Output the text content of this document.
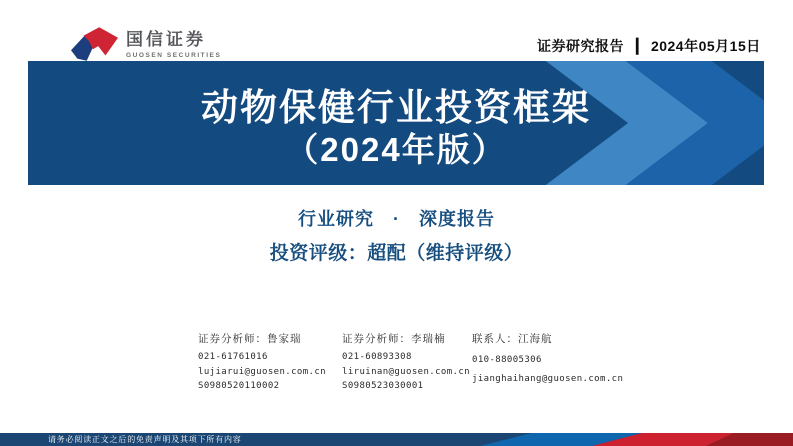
国信证券
GUOSEN SECURITIES
证券研究报告 ┃ 2024年05月15日
动物保健行业投资框架
（2024年版）
行业研究　·　深度报告
投资评级：超配（维持评级）
证券分析师：鲁家瑞
021-61761016
lujiarui@guosen.com.cn
S0980520110002
证券分析师：李瑞楠
021-60893308
liruinan@guosen.com.cn
S0980523030001
联系人：江海航
010-88005306
jianghaihang@guosen.com.cn
请务必阅读正文之后的免责声明及其项下所有内容
